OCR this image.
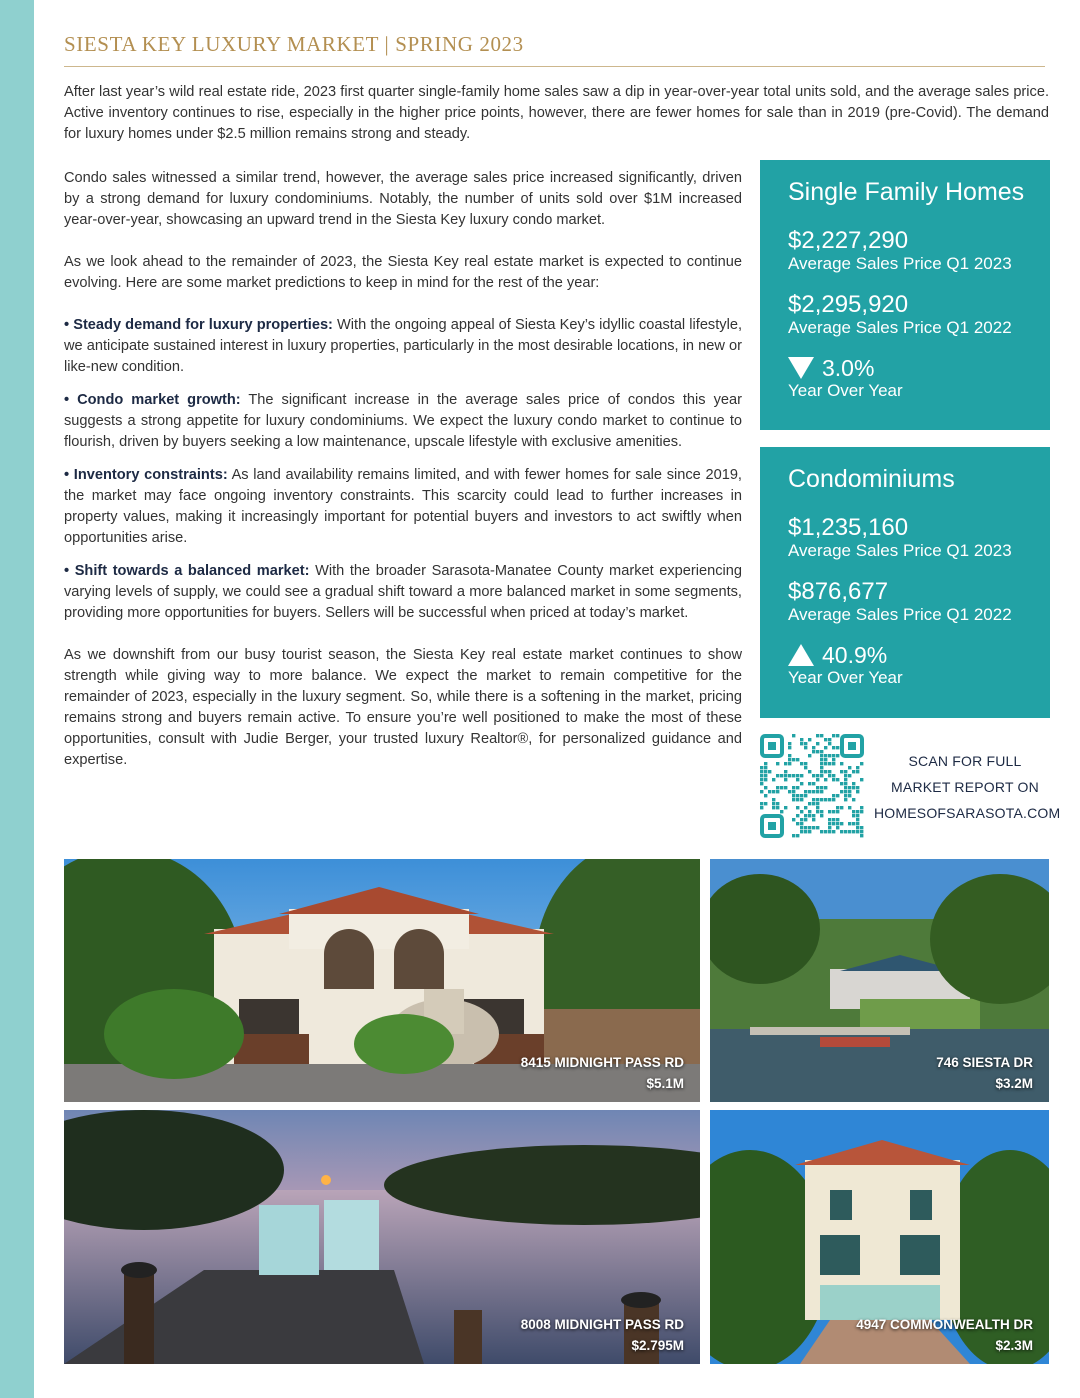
SIESTA KEY LUXURY MARKET | SPRING 2023

After last year’s wild real estate ride, 2023 first quarter single-family home sales saw a dip in year-over-year total units sold, and the average sales price. Active inventory continues to rise, especially in the higher price points, however, there are fewer homes for sale than in 2019 (pre-Covid). The demand for luxury homes under $2.5 million remains strong and steady.

Condo sales witnessed a similar trend, however, the average sales price increased significantly, driven by a strong demand for luxury condominiums. Notably, the number of units sold over $1M increased year-over-year, showcasing an upward trend in the Siesta Key luxury condo market.

As we look ahead to the remainder of 2023, the Siesta Key real estate market is expected to continue evolving. Here are some market predictions to keep in mind for the rest of the year:

• Steady demand for luxury properties: With the ongoing appeal of Siesta Key’s idyllic coastal lifestyle, we anticipate sustained interest in luxury properties, particularly in the most desirable locations, in new or like-new condition.

• Condo market growth: The significant increase in the average sales price of condos this year suggests a strong appetite for luxury condominiums. We expect the luxury condo market to continue to flourish, driven by buyers seeking a low maintenance, upscale lifestyle with exclusive amenities.

• Inventory constraints: As land availability remains limited, and with fewer homes for sale since 2019, the market may face ongoing inventory constraints. This scarcity could lead to further increases in property values, making it increasingly important for potential buyers and investors to act swiftly when opportunities arise.

• Shift towards a balanced market: With the broader Sarasota-Manatee County market experiencing varying levels of supply, we could see a gradual shift toward a more balanced market in some segments, providing more opportunities for buyers. Sellers will be successful when priced at today’s market.

As we downshift from our busy tourist season, the Siesta Key real estate market continues to show strength while giving way to more balance. We expect the market to remain competitive for the remainder of 2023, especially in the luxury segment. So, while there is a softening in the market, pricing remains strong and buyers remain active. To ensure you’re well positioned to make the most of these opportunities, consult with Judie Berger, your trusted luxury Realtor®, for personalized guidance and expertise.

Single Family Homes
$2,227,290
Average Sales Price Q1 2023
$2,295,920
Average Sales Price Q1 2022
3.0%
Year Over Year
Condominiums
$1,235,160
Average Sales Price Q1 2023
$876,677
Average Sales Price Q1 2022
40.9%
Year Over Year
SCAN FOR FULL
MARKET REPORT ON
HOMESOFSARASOTA.COM
8415 MIDNIGHT PASS RD
$5.1M
746 SIESTA DR
$3.2M
8008 MIDNIGHT PASS RD
$2.795M
4947 COMMONWEALTH DR
$2.3M
